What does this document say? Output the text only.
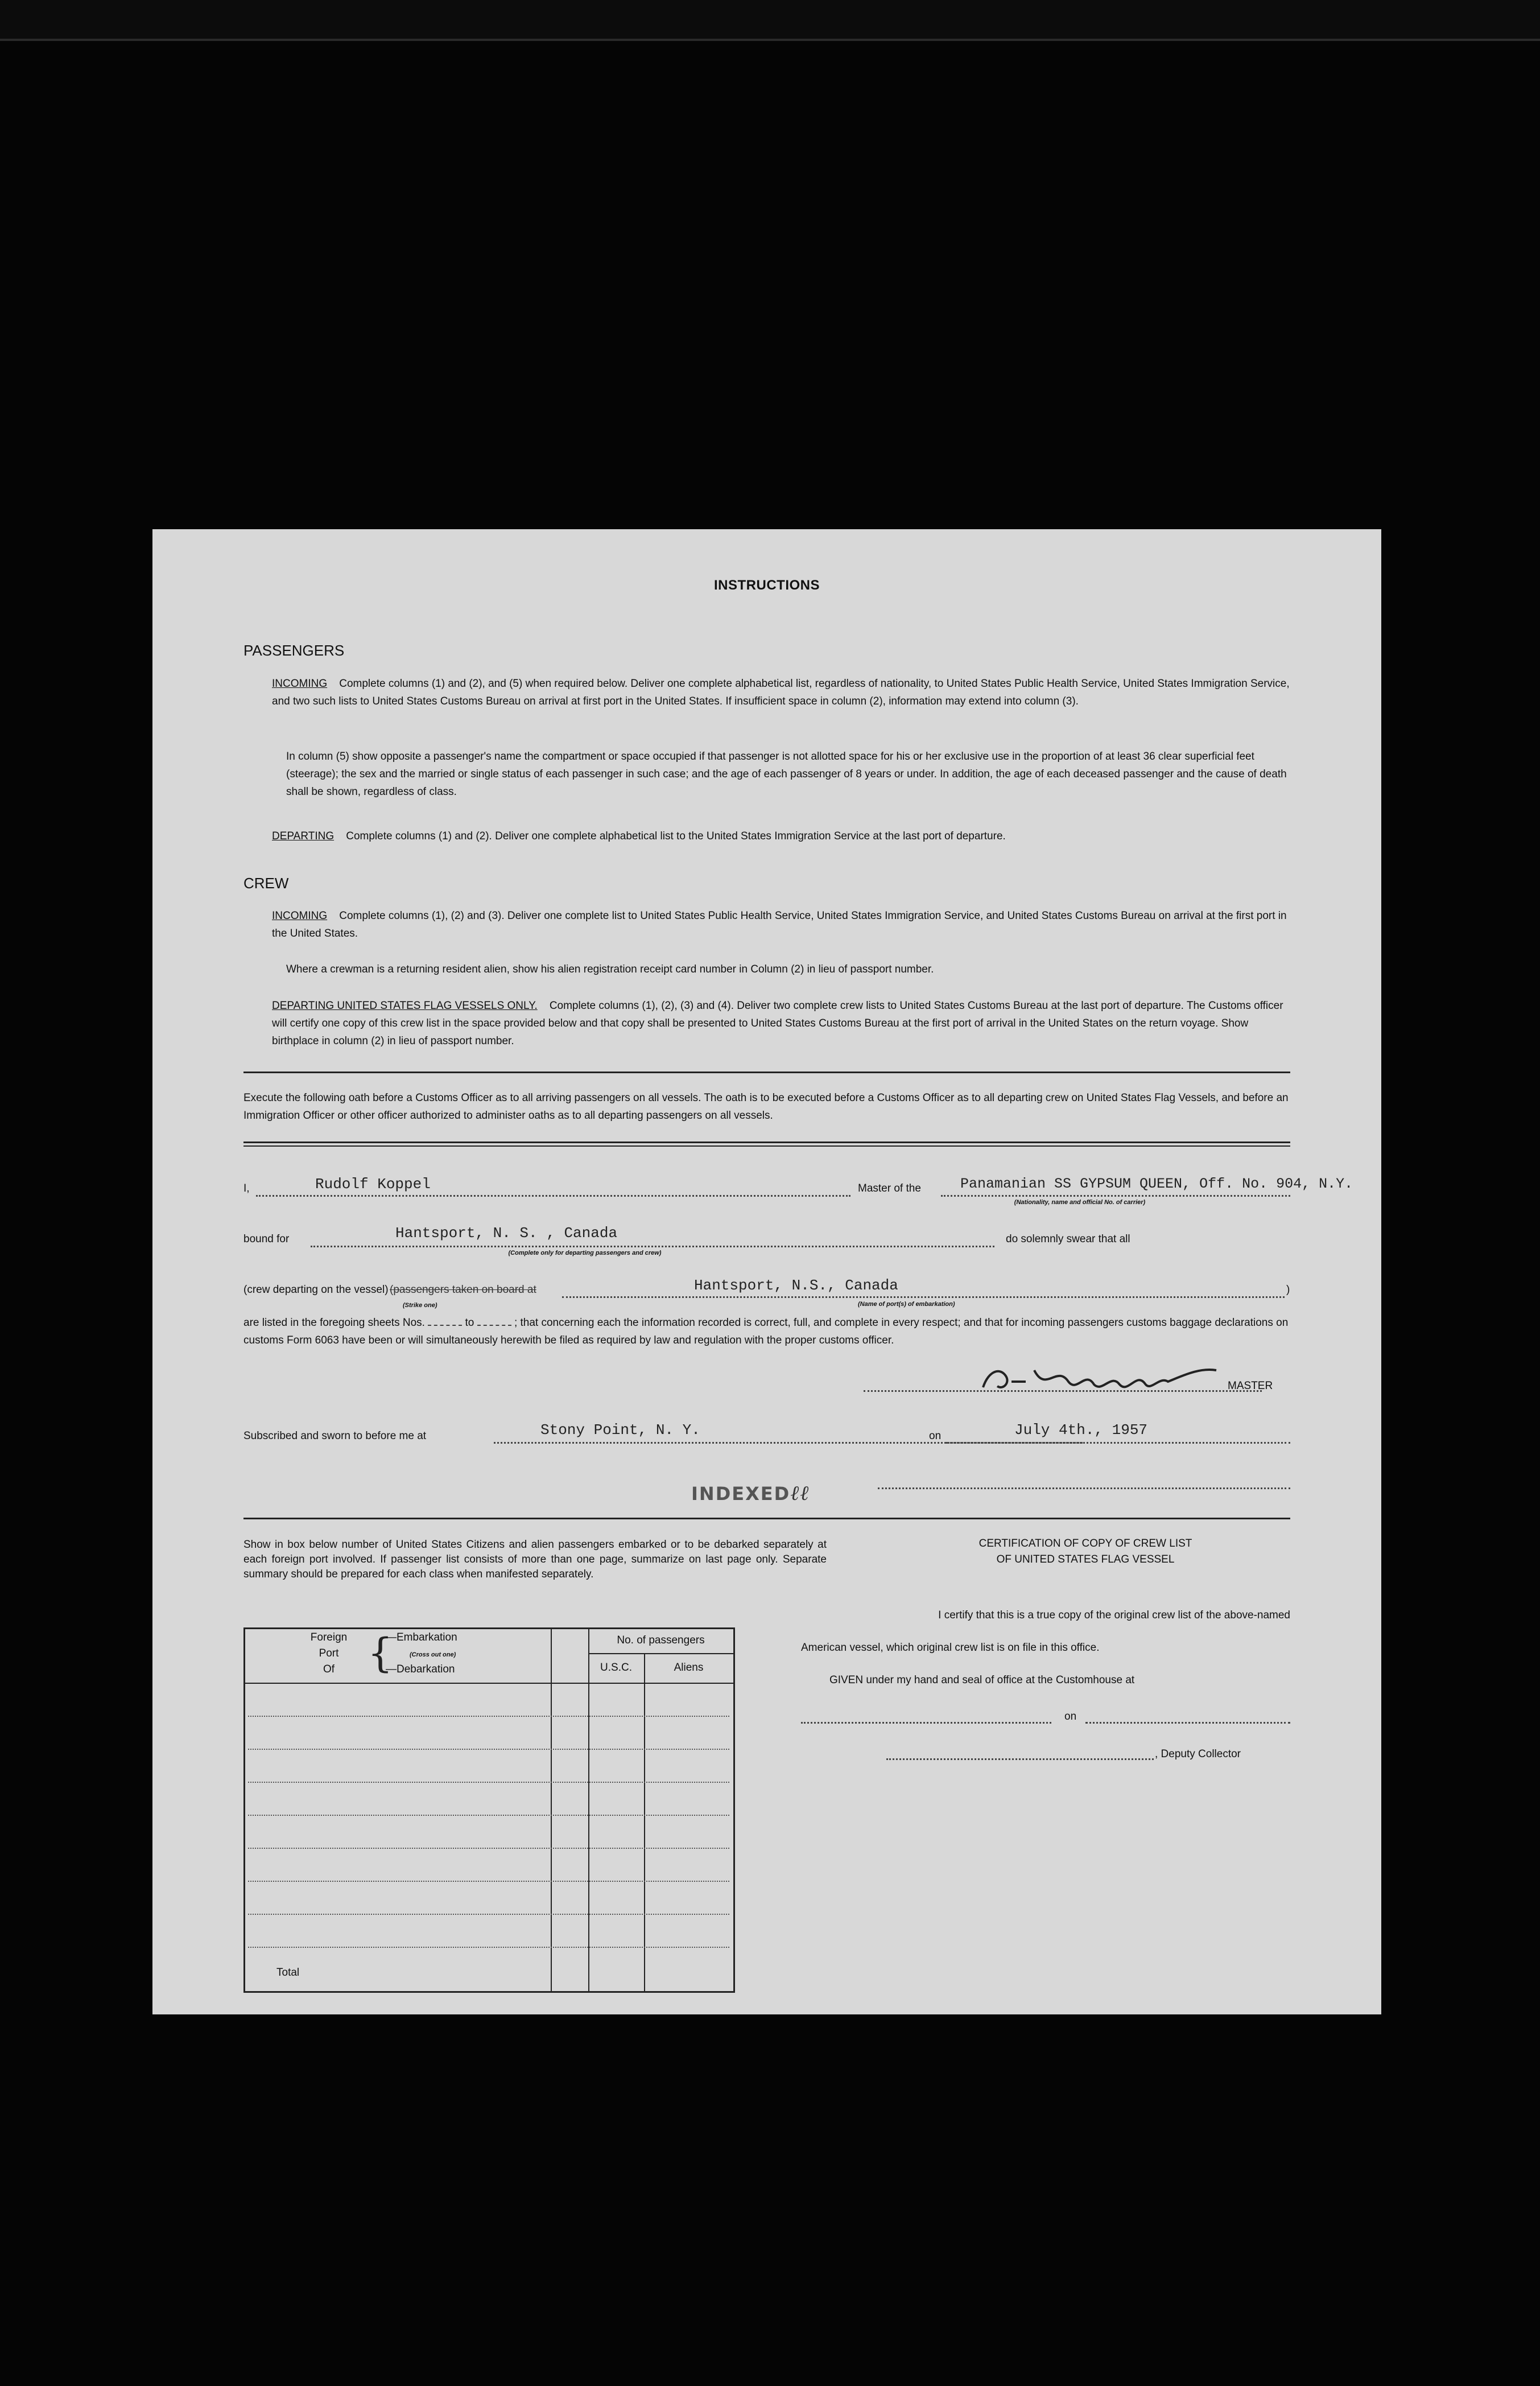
INSTRUCTIONS
PASSENGERS
INCOMING Complete columns (1) and (2), and (5) when required below. Deliver one complete alphabetical list, regardless of nationality, to United States Public Health Service, United States Immigration Service, and two such lists to United States Customs Bureau on arrival at first port in the United States. If insufficient space in column (2), information may extend into column (3).
In column (5) show opposite a passenger's name the compartment or space occupied if that passenger is not allotted space for his or her exclusive use in the proportion of at least 36 clear superficial feet (steerage); the sex and the married or single status of each passenger in such case; and the age of each passenger of 8 years or under. In addition, the age of each deceased passenger and the cause of death shall be shown, regardless of class.
DEPARTING Complete columns (1) and (2). Deliver one complete alphabetical list to the United States Immigration Service at the last port of departure.
CREW
INCOMING Complete columns (1), (2) and (3). Deliver one complete list to United States Public Health Service, United States Immigration Service, and United States Customs Bureau on arrival at the first port in the United States.
Where a crewman is a returning resident alien, show his alien registration receipt card number in Column (2) in lieu of passport number.
DEPARTING UNITED STATES FLAG VESSELS ONLY. Complete columns (1), (2), (3) and (4). Deliver two complete crew lists to United States Customs Bureau at the last port of departure. The Customs officer will certify one copy of this crew list in the space provided below and that copy shall be presented to United States Customs Bureau at the first port of arrival in the United States on the return voyage. Show birthplace in column (2) in lieu of passport number.
Execute the following oath before a Customs Officer as to all arriving passengers on all vessels. The oath is to be executed before a Customs Officer as to all departing crew on United States Flag Vessels, and before an Immigration Officer or other officer authorized to administer oaths as to all departing passengers on all vessels.
I,	Rudolf Koppel	Master of the	Panamanian SS GYPSUM QUEEN, Off. No. 904, N.Y.
(Nationality, name and official No. of carrier)
bound for	Hantsport, N. S. , Canada
(Complete only for departing passengers and crew)
do solemnly swear that all
(crew departing on the vessel) (passengers taken on board at
(Strike one)
Hantsport, N.S., Canada
(Name of port(s) of embarkation)
)
are listed in the foregoing sheets Nos.	to	; that concerning each the information recorded is correct, full, and complete in every respect; and that for incoming passengers customs baggage declarations on customs Form 6063 have been or will simultaneously herewith be filed as required by law and regulation with the proper customs officer.
MASTER
Subscribed and sworn to before me at	Stony Point, N. Y.	on	July 4th., 1957
INDEXEDℓℓ
Show in box below number of United States Citizens and alien passengers embarked or to be debarked separately at each foreign port involved. If passenger list consists of more than one page, summarize on last page only. Separate summary should be prepared for each class when manifested separately.
Foreign
Port
Of {
—Embarkation
(Cross out one)
—Debarkation
No. of passengers
U.S.C.	Aliens
Total
CERTIFICATION OF COPY OF CREW LIST
OF UNITED STATES FLAG VESSEL
I certify that this is a true copy of the original crew list of the above-named
American vessel, which original crew list is on file in this office.
GIVEN under my hand and seal of office at the Customhouse at
on
, Deputy Collector
